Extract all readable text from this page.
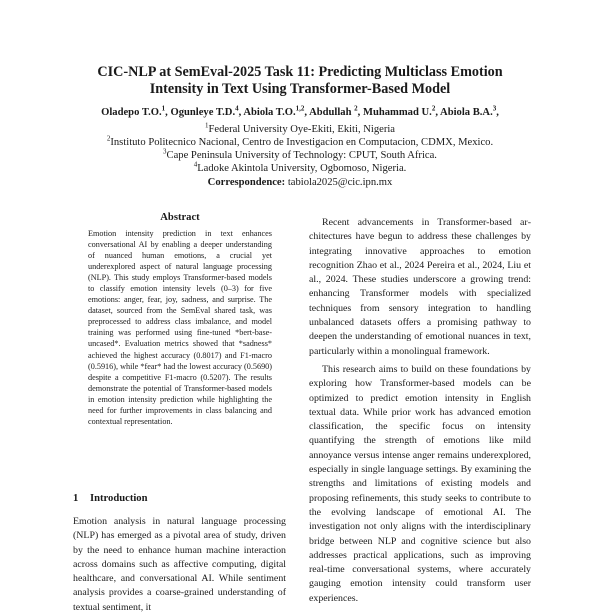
CIC-NLP at SemEval-2025 Task 11: Predicting Multiclass Emotion
Intensity in Text Using Transformer-Based Model
Oladepo T.O.$^1$, Ogunleye T.D.$^4$, Abiola T.O.$^{1,2}$, Abdullah $^2$, Muhammad U.$^2$, Abiola B.A.$^3$,
$^1$Federal University Oye-Ekiti, Ekiti, Nigeria
$^2$Instituto Politecnico Nacional, Centro de Investigacion en Computacion, CDMX, Mexico.
$^3$Cape Peninsula University of Technology: CPUT, South Africa.
$^4$Ladoke Akintola University, Ogbomoso, Nigeria.
Correspondence: tabiola2025@cic.ipn.mx
Abstract
Emotion intensity prediction in text enhances conversational AI by enabling a deeper understanding of nuanced human emotions, a crucial yet underexplored aspect of natural language processing (NLP). This study employs Transformer-based models to classify emotion intensity levels (0–3) for five emotions: anger, fear, joy, sadness, and surprise. The dataset, sourced from the SemEval shared task, was preprocessed to address class imbalance, and model training was performed using fine-tuned *bert-base-uncased*. Evaluation metrics showed that *sadness* achieved the highest accuracy (0.8017) and F1-macro (0.5916), while *fear* had the lowest accuracy (0.5690) despite a competitive F1-macro (0.5207). The results demonstrate the potential of Transformer-based models in emotion intensity prediction while highlighting the need for further improvements in class balancing and contextual representation.
1 Introduction

Emotion analysis in natural language processing (NLP) has emerged as a pivotal area of study, driven by the need to enhance human machine interaction across domains such as affective computing, digital healthcare, and conversational AI. While sentiment analysis provides a coarse-grained understanding of textual sentiment, it

Recent advancements in Transformer-based architectures have begun to address these challenges by integrating innovative approaches to emotion recognition Zhao et al., 2024 Pereira et al., 2024, Liu et al., 2024. These studies underscore a growing trend: enhancing Transformer models with specialized techniques from sensory integration to handling unbalanced datasets offers a promising pathway to deepen the understanding of emotional nuances in text, particularly within a monolingual framework.

This research aims to build on these foundations by exploring how Transformer-based models can be optimized to predict emotion intensity in English textual data. While prior work has advanced emotion classification, the specific focus on intensity quantifying the strength of emotions like mild annoyance versus intense anger remains underexplored, especially in single language settings. By examining the strengths and limitations of existing models and proposing refinements, this study seeks to contribute to the evolving landscape of emotional AI. The investigation not only aligns with the interdisciplinary bridge between NLP and cognitive science but also addresses practical applications, such as improving real-time conversational systems, where accurately gauging emotion intensity could transform user experiences.
